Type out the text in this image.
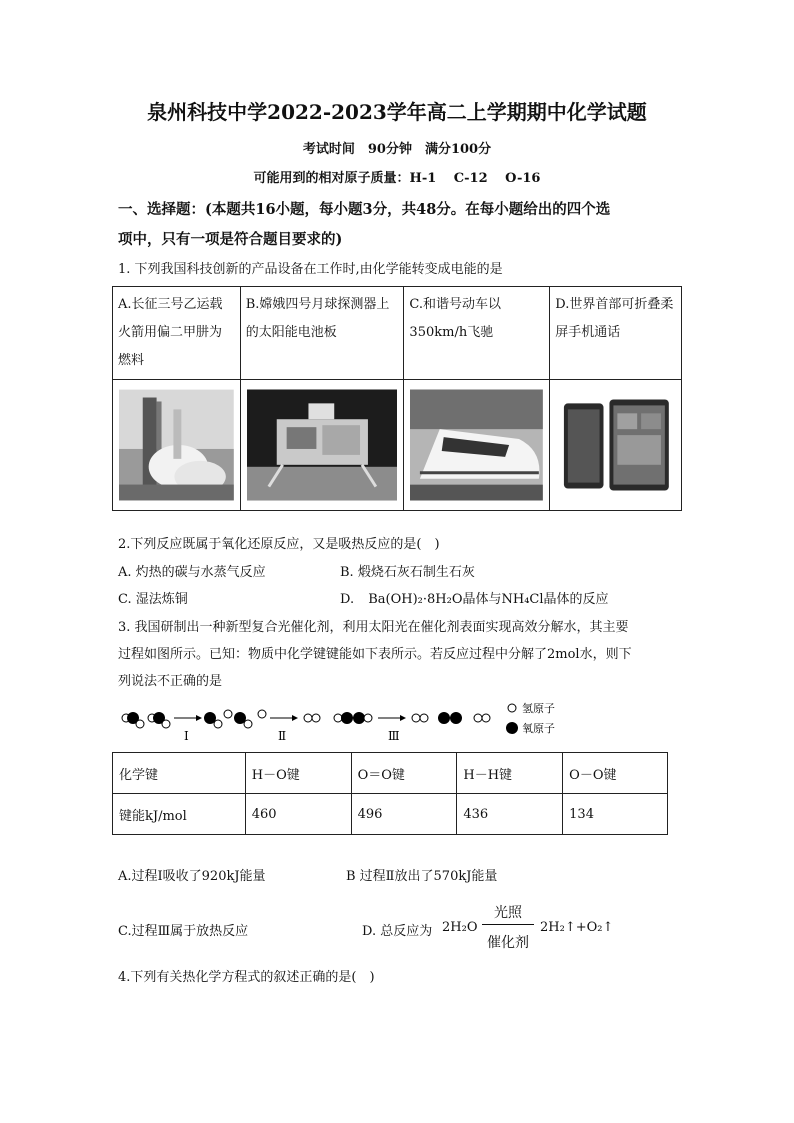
泉州科技中学2022-2023学年高二上学期期中化学试题
考试时间　90分钟　满分100分
可能用到的相对原子质量：H-1　 C-12　 O-16
一、选择题：(本题共16小题，每小题3分，共48分。在每小题给出的四个选
项中，只有一项是符合题目要求的)
1. 下列我国科技创新的产品设备在工作时,由化学能转变成电能的是
A.长征三号乙运载火箭用偏二甲肼为燃料	B.嫦娥四号月球探测器上的太阳能电池板	C.和谐号动车以350km/h飞驰	D.世界首部可折叠柔屏手机通话

2.下列反应既属于氧化还原反应，又是吸热反应的是(　)
A. 灼热的碳与水蒸气反应	B. 煅烧石灰石制生石灰
C. 湿法炼铜	D. Ba(OH)₂·8H₂O晶体与NH₄Cl晶体的反应
3. 我国研制出一种新型复合光催化剂，利用太阳光在催化剂表面实现高效分解水，其主要
过程如图所示。已知：物质中化学键键能如下表所示。若反应过程中分解了2mol水，则下
列说法不正确的是
Ⅰ	Ⅱ	Ⅲ
氢原子
氧原子
化学键	H－O键	O＝O键	H－H键	O－O键
键能kJ/mol	460	496	436	134
A.过程Ⅰ吸收了920kJ能量	B 过程Ⅱ放出了570kJ能量
C.过程Ⅲ属于放热反应	D. 总反应为 2H₂O
光照
催化剂
2H₂↑+O₂↑
4.下列有关热化学方程式的叙述正确的是(　)
